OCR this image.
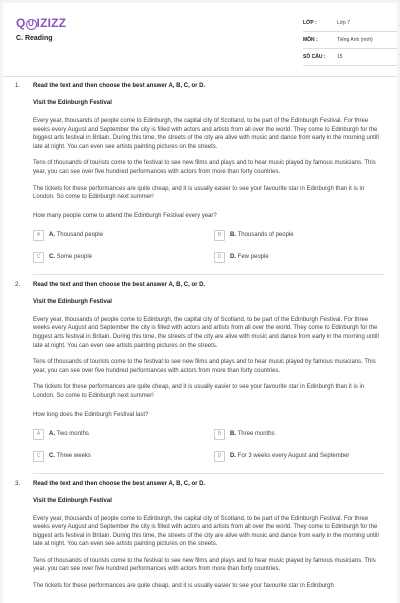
Q U IZIZZ
C. Reading
LỚP :	Lớp 7
MÔN :	Tiếng Anh (mới)
SỐ CÂU :	15
1. Read the text and then choose the best answer A, B, C, or D.
Visit the Edinburgh Festival
Every year, thousands of people come to Edinburgh, the capital city of Scotland, to be part of the Edinburgh Festival. For three weeks every August and September the city is filled with actors and artists from all over the world. They come to Edinburgh for the biggest arts festival in Britain. During this time, the streets of the city are alive with music and dance from early in the morning untill late at night. You can even see artists painting pictures on the streets.
Tens of thousands of tourists come to the festival to see new films and plays and to hear music played by famous musicians. This year, you can see over five hundred performances with actors from more than forty countries.
The tickets for these performances are quite cheap, and it is usually easier to see your favourite star in Edinburgh than it is in London. So come to Edinburgh next summer!
How many people come to attend the Edinburgh Festival every year?
A	A. Thousand people	B	B. Thousands of people
C	C. Some people	D	D. Few people
2. Read the text and then choose the best answer A, B, C, or D.
Visit the Edinburgh Festival
Every year, thousands of people come to Edinburgh, the capital city of Scotland, to be part of the Edinburgh Festival. For three weeks every August and September the city is filled with actors and artists from all over the world. They come to Edinburgh for the biggest arts festival in Britain. During this time, the streets of the city are alive with music and dance from early in the morning untill late at night. You can even see artists painting pictures on the streets.
Tens of thousands of tourists come to the festival to see new films and plays and to hear music played by famous musicians. This year, you can see over five hundred performances with actors from more than forty countries.
The tickets for these performances are quite cheap, and it is usually easier to see your favourite star in Edinburgh than it is in London. So come to Edinburgh next summer!
How long does the Edinburgh Festival last?
A	A. Two months	B	B. Three months
C	C. Three weeks	D	D. For 3 weeks every August and September
3. Read the text and then choose the best answer A, B, C, or D.
Visit the Edinburgh Festival
Every year, thousands of people come to Edinburgh, the capital city of Scotland, to be part of the Edinburgh Festival. For three weeks every August and September the city is filled with actors and artists from all over the world. They come to Edinburgh for the biggest arts festival in Britain. During this time, the streets of the city are alive with music and dance from early in the morning untill late at night. You can even see artists painting pictures on the streets.
Tens of thousands of tourists come to the festival to see new films and plays and to hear music played by famous musicians. This year, you can see over five hundred performances with actors from more than forty countries.
The tickets for these performances are quite cheap, and it is usually easier to see your favourite star in Edinburgh
